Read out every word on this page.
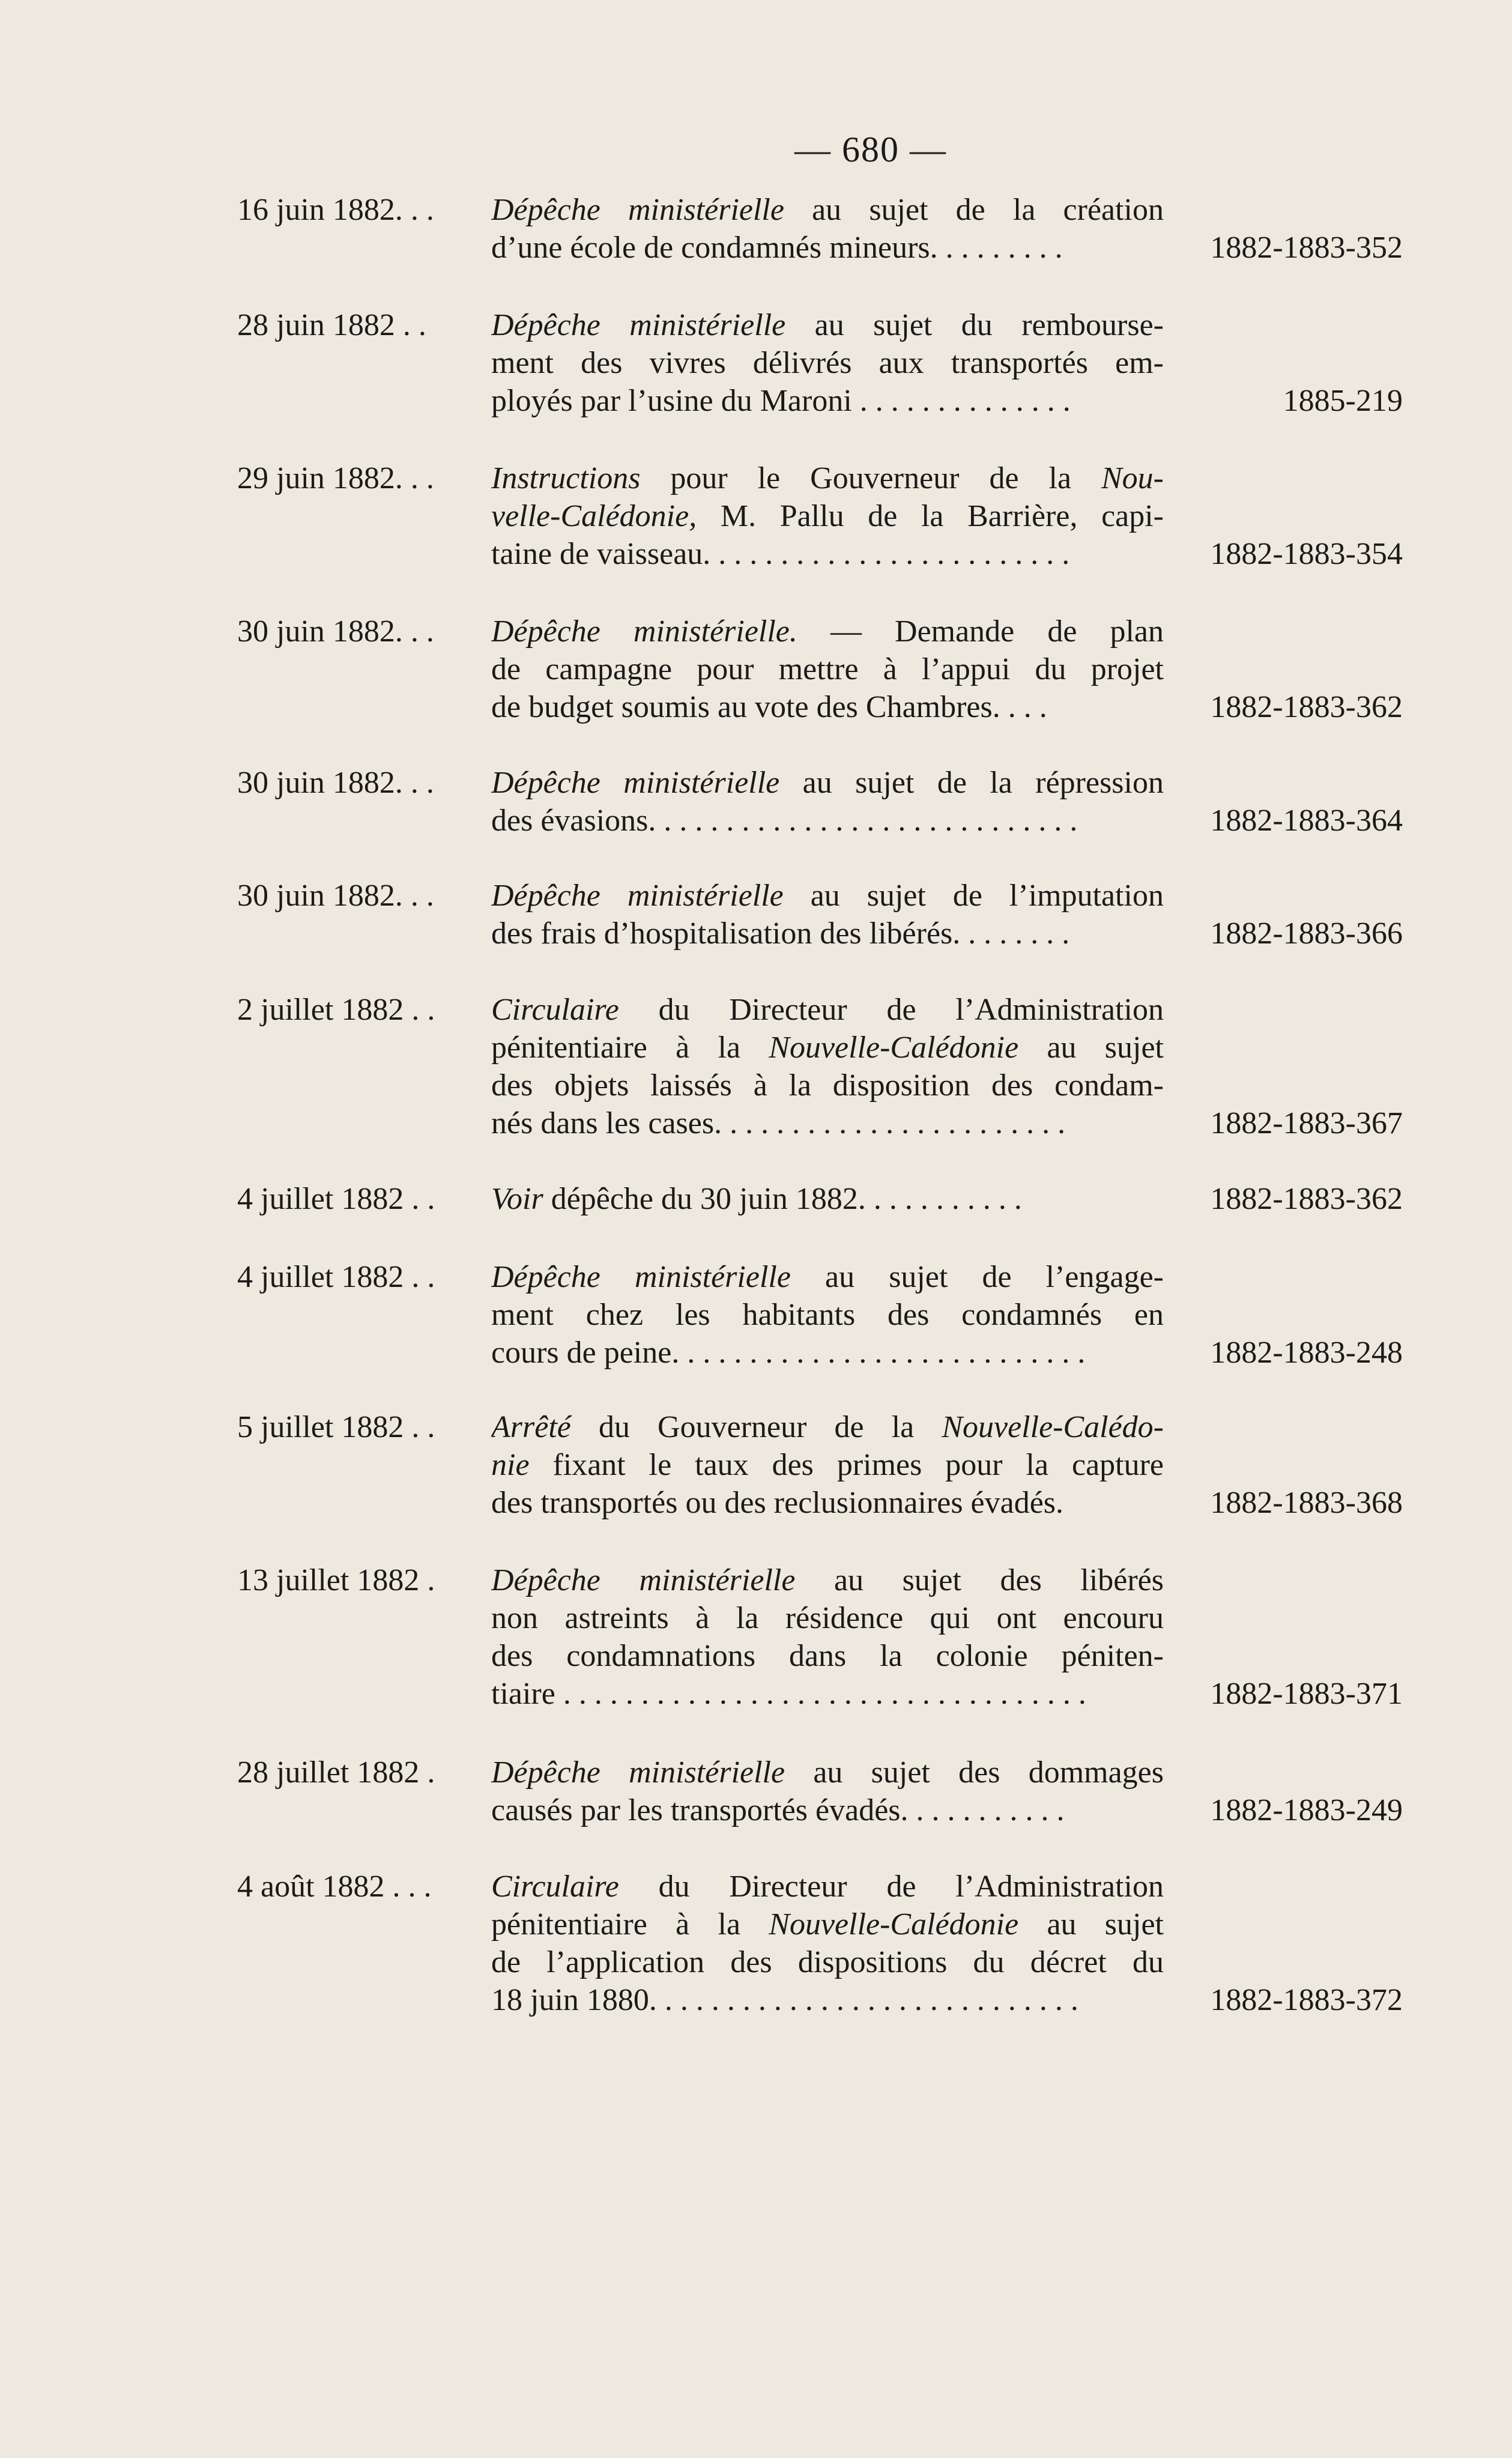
— 680 —
16 juin 1882. . . Dépêche ministérielle au sujet de la création
d’une école de condamnés mineurs. . . . . . . . .	1882-1883-352
28 juin 1882 . . Dépêche ministérielle au sujet du rembourse-
ment des vivres délivrés aux transportés em-
ployés par l’usine du Maroni . . . . . . . . . . . . . .	1885-219
29 juin 1882. . . Instructions pour le Gouverneur de la Nou-
velle-Calédonie, M. Pallu de la Barrière, capi-
taine de vaisseau. . . . . . . . . . . . . . . . . . . . . . . .	1882-1883-354
30 juin 1882. . . Dépêche ministérielle. — Demande de plan
de campagne pour mettre à l’appui du projet
de budget soumis au vote des Chambres. . . .	1882-1883-362
30 juin 1882. . . Dépêche ministérielle au sujet de la répression
des évasions. . . . . . . . . . . . . . . . . . . . . . . . . . . .	1882-1883-364
30 juin 1882. . . Dépêche ministérielle au sujet de l’imputation
des frais d’hospitalisation des libérés. . . . . . . .	1882-1883-366
2 juillet 1882 . . Circulaire du Directeur de l’Administration
pénitentiaire à la Nouvelle-Calédonie au sujet
des objets laissés à la disposition des condam-
nés dans les cases. . . . . . . . . . . . . . . . . . . . . . .	1882-1883-367
4 juillet 1882 . . Voir dépêche du 30 juin 1882. . . . . . . . . . .	1882-1883-362
4 juillet 1882 . . Dépêche ministérielle au sujet de l’engage-
ment chez les habitants des condamnés en
cours de peine. . . . . . . . . . . . . . . . . . . . . . . . . . .	1882-1883-248
5 juillet 1882 . . Arrêté du Gouverneur de la Nouvelle-Calédo-
nie fixant le taux des primes pour la capture
des transportés ou des reclusionnaires évadés.	1882-1883-368
13 juillet 1882 . Dépêche ministérielle au sujet des libérés
non astreints à la résidence qui ont encouru
des condamnations dans la colonie péniten-
tiaire . . . . . . . . . . . . . . . . . . . . . . . . . . . . . . . . . .	1882-1883-371
28 juillet 1882 . Dépêche ministérielle au sujet des dommages
causés par les transportés évadés. . . . . . . . . . .	1882-1883-249
4 août 1882 . . . Circulaire du Directeur de l’Administration
pénitentiaire à la Nouvelle-Calédonie au sujet
de l’application des dispositions du décret du
18 juin 1880. . . . . . . . . . . . . . . . . . . . . . . . . . . .	1882-1883-372
